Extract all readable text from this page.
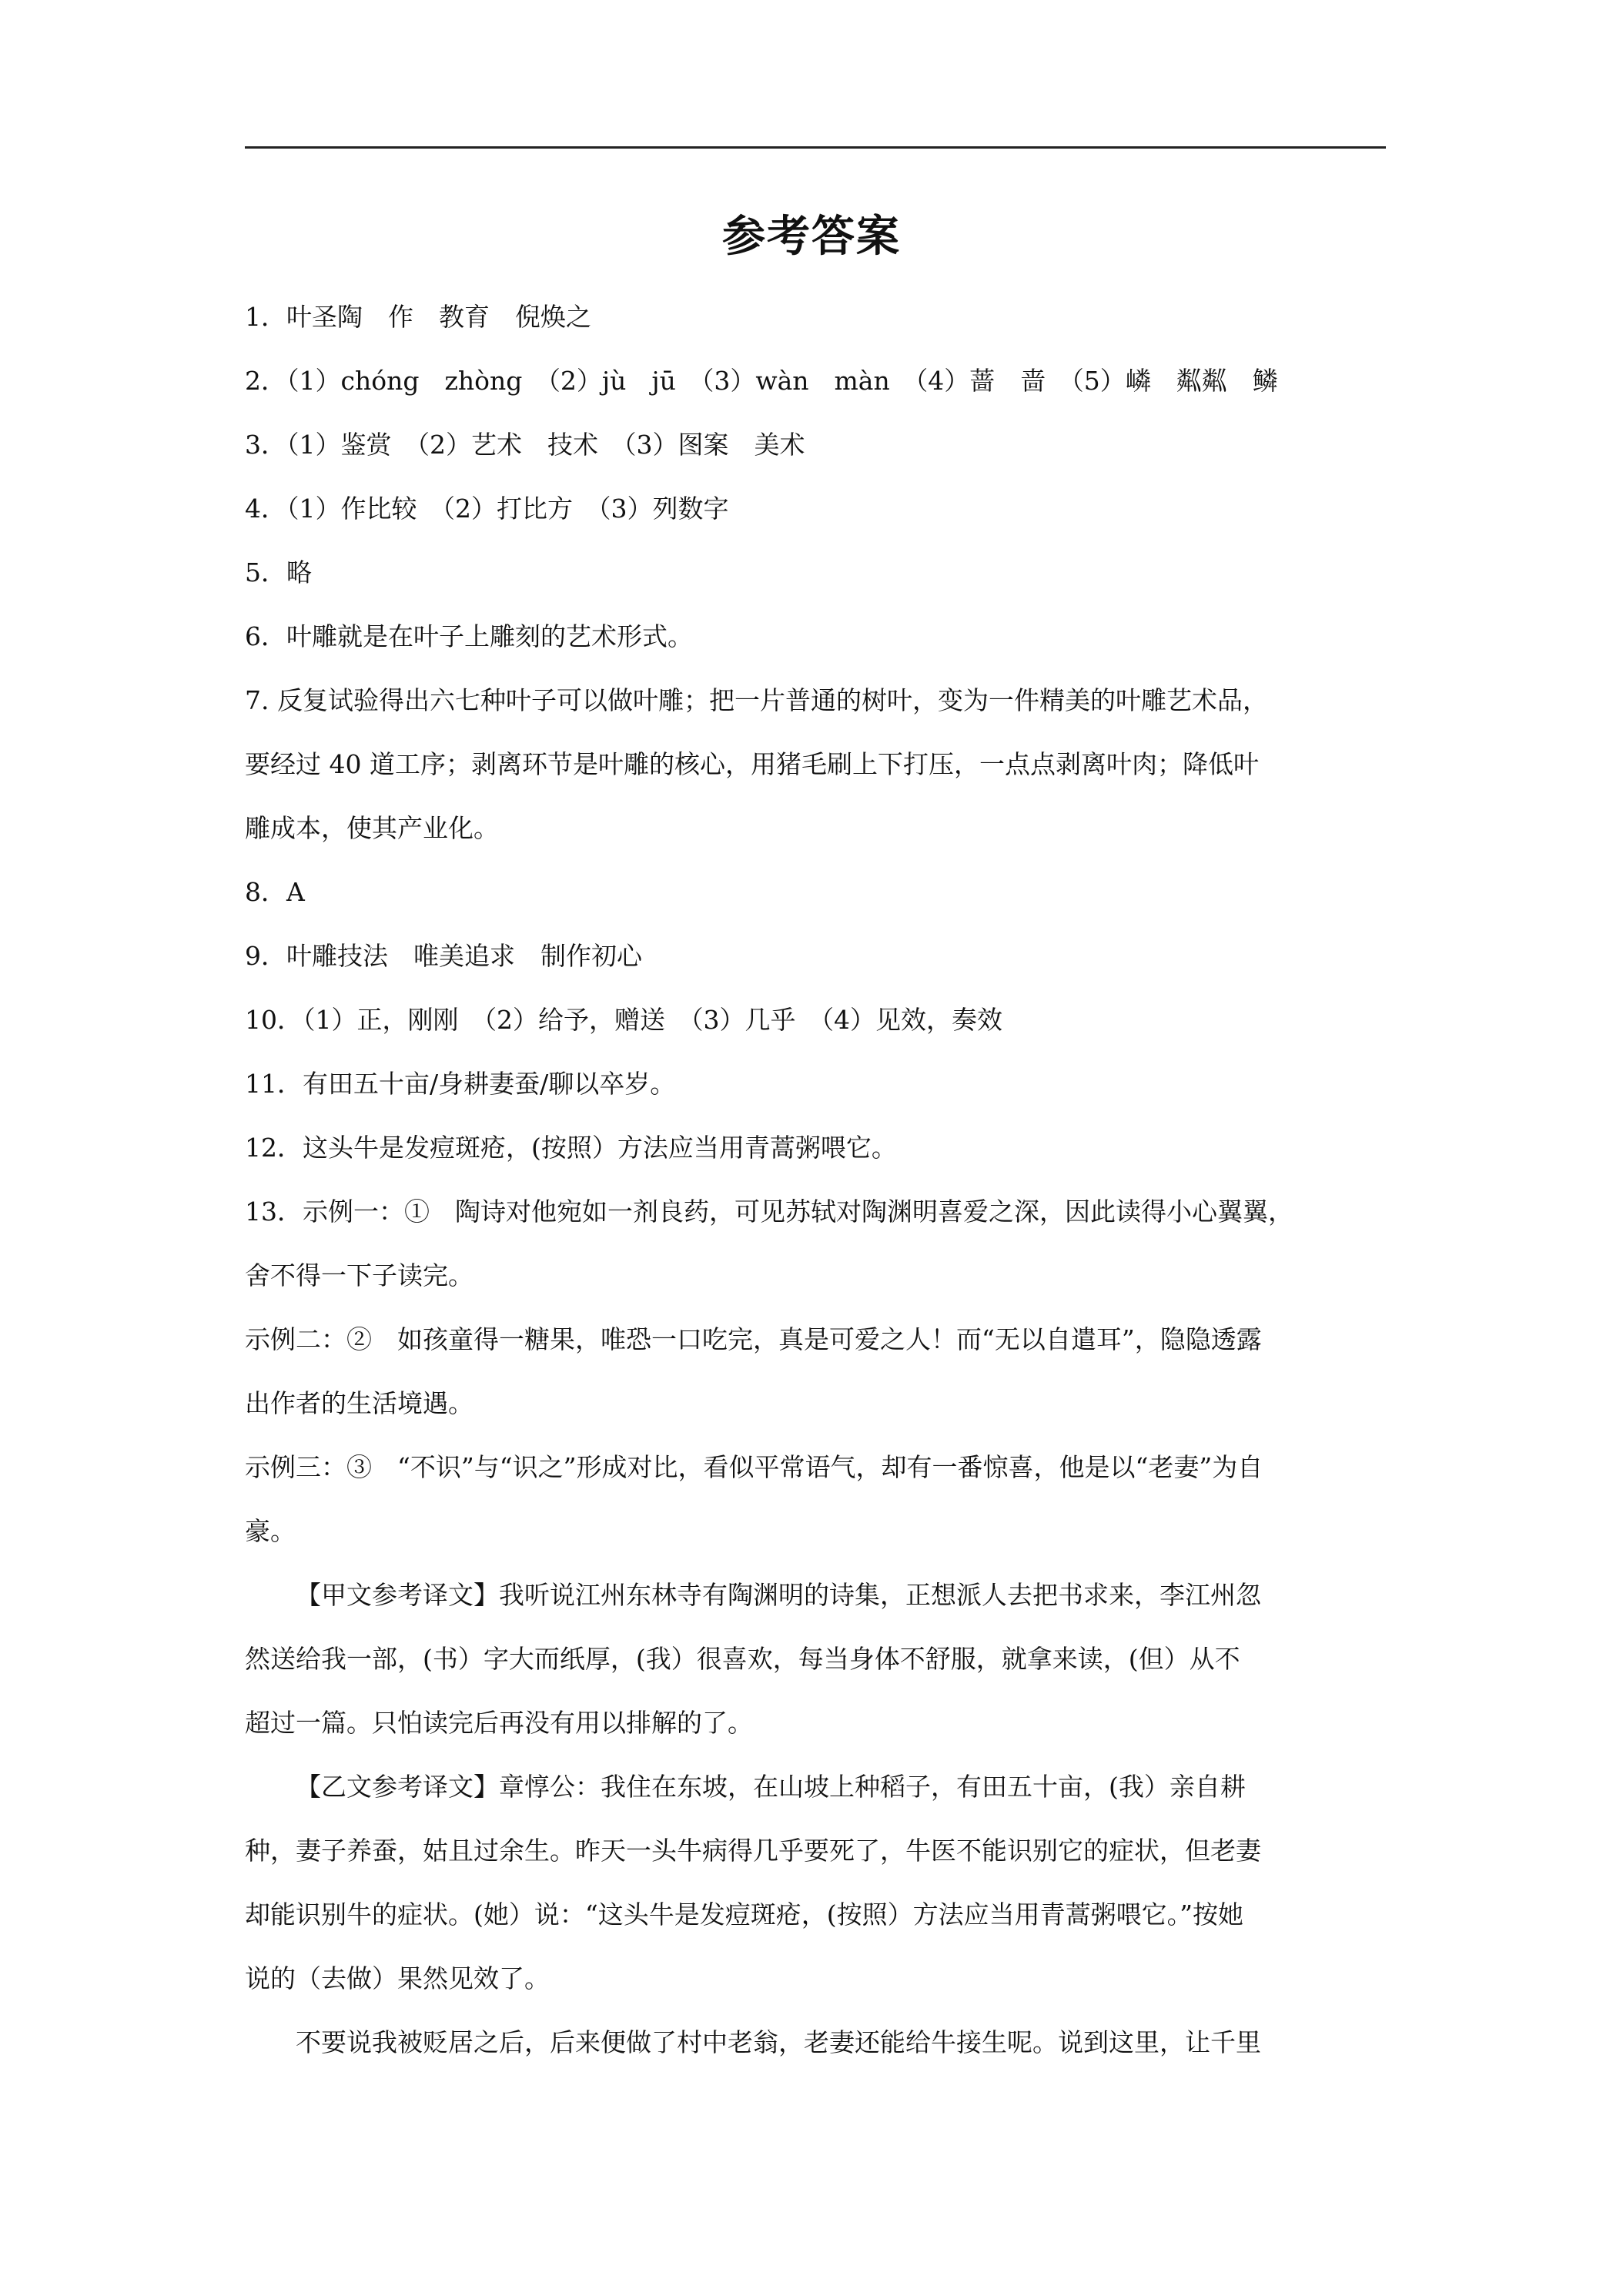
参考答案
1．叶圣陶　作　教育　倪焕之
2．（1）chóng　zhòng　（2）jù　jū　（3）wàn　màn　（4）蔷　啬　（5）嶙　粼粼　鳞
3．（1）鉴赏　（2）艺术　技术　（3）图案　美术
4．（1）作比较　（2）打比方　（3）列数字
5．略
6．叶雕就是在叶子上雕刻的艺术形式。
7. 反复试验得出六七种叶子可以做叶雕；把一片普通的树叶，变为一件精美的叶雕艺术品，
要经过 40 道工序；剥离环节是叶雕的核心，用猪毛刷上下打压，一点点剥离叶肉；降低叶
雕成本，使其产业化。
8．A
9．叶雕技法　唯美追求　制作初心
10．（1）正，刚刚　（2）给予，赠送　（3）几乎　（4）见效，奏效
11．有田五十亩/身耕妻蚕/聊以卒岁。
12．这头牛是发痘斑疮，(按照）方法应当用青蒿粥喂它。
13．示例一：①　陶诗对他宛如一剂良药，可见苏轼对陶渊明喜爱之深，因此读得小心翼翼，
舍不得一下子读完。
示例二：②　如孩童得一糖果，唯恐一口吃完，真是可爱之人！而“无以自遣耳”，隐隐透露
出作者的生活境遇。
示例三：③　“不识”与“识之”形成对比，看似平常语气，却有一番惊喜，他是以“老妻”为自
豪。
【甲文参考译文】我听说江州东林寺有陶渊明的诗集，正想派人去把书求来，李江州忽
然送给我一部，(书）字大而纸厚，(我）很喜欢，每当身体不舒服，就拿来读，(但）从不
超过一篇。只怕读完后再没有用以排解的了。
【乙文参考译文】章惇公：我住在东坡，在山坡上种稻子，有田五十亩，(我）亲自耕
种，妻子养蚕，姑且过余生。昨天一头牛病得几乎要死了，牛医不能识别它的症状，但老妻
却能识别牛的症状。(她）说：“这头牛是发痘斑疮，(按照）方法应当用青蒿粥喂它。”按她
说的（去做）果然见效了。
不要说我被贬居之后，后来便做了村中老翁，老妻还能给牛接生呢。说到这里，让千里
